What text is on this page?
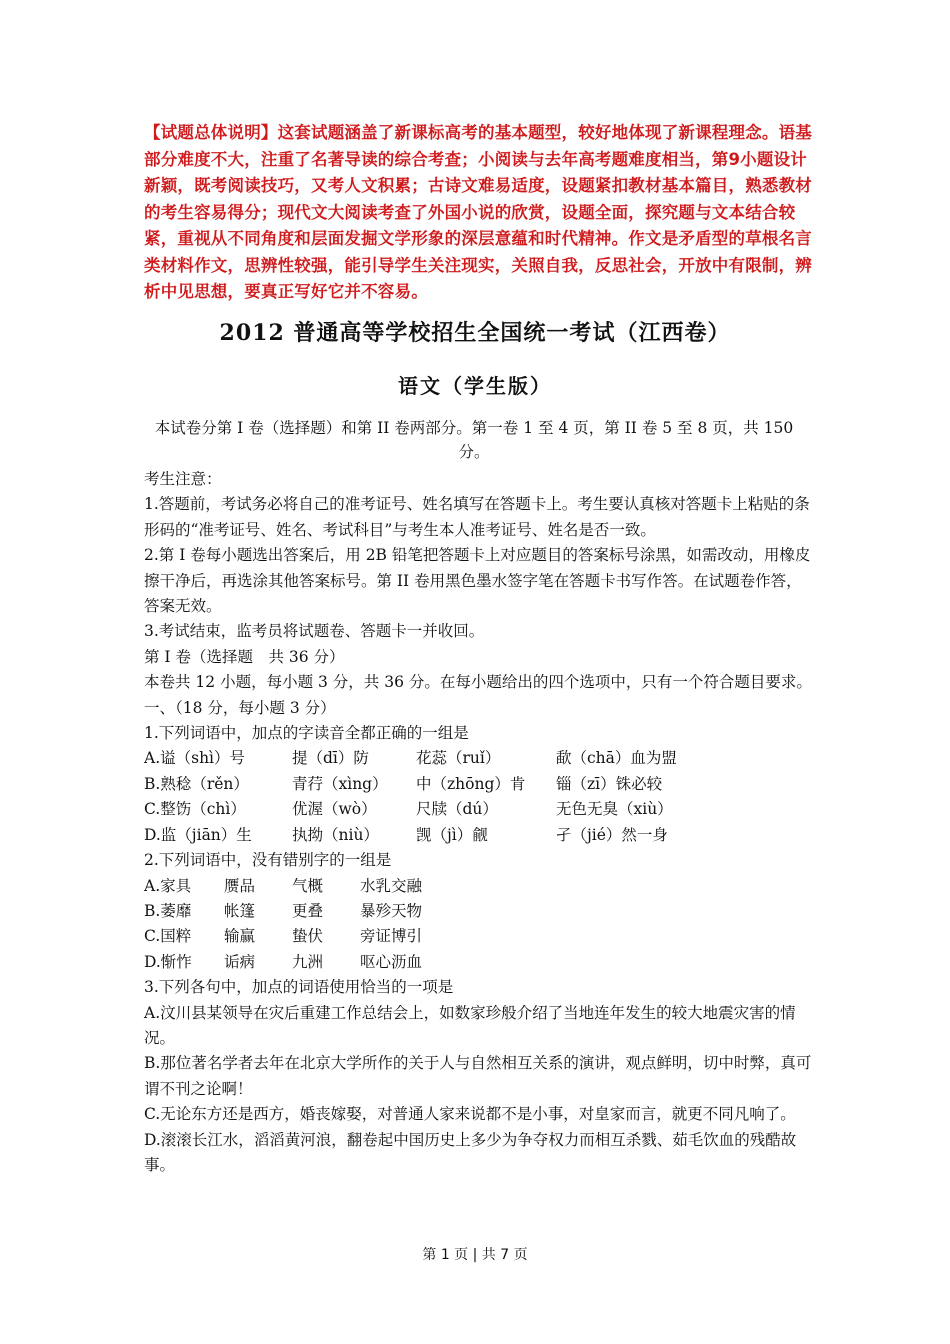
【试题总体说明】这套试题涵盖了新课标高考的基本题型，较好地体现了新课程理念。语基部分难度不大，注重了名著导读的综合考查；小阅读与去年高考题难度相当，第9小题设计新颖，既考阅读技巧，又考人文积累；古诗文难易适度，设题紧扣教材基本篇目，熟悉教材的考生容易得分；现代文大阅读考查了外国小说的欣赏，设题全面，探究题与文本结合较紧，重视从不同角度和层面发掘文学形象的深层意蕴和时代精神。作文是矛盾型的草根名言类材料作文，思辨性较强，能引导学生关注现实，关照自我，反思社会，开放中有限制，辨析中见思想，要真正写好它并不容易。
2012 普通高等学校招生全国统一考试（江西卷）
语文（学生版）
本试卷分第 I 卷（选择题）和第 II 卷两部分。第一卷 1 至 4 页，第 II 卷 5 至 8 页，共 150 分。

考生注意：

1.答题前，考试务必将自己的准考证号、姓名填写在答题卡上。考生要认真核对答题卡上粘贴的条形码的“准考证号、姓名、考试科目”与考生本人准考证号、姓名是否一致。

2.第 I 卷每小题选出答案后，用 2B 铅笔把答题卡上对应题目的答案标号涂黑，如需改动，用橡皮擦干净后，再选涂其他答案标号。第 II 卷用黑色墨水签字笔在答题卡书写作答。在试题卷作答，答案无效。

3.考试结束，监考员将试题卷、答题卡一并收回。

第 I 卷（选择题　共 36 分）

本卷共 12 小题，每小题 3 分，共 36 分。在每小题给出的四个选项中，只有一个符合题目要求。

一、（18 分，每小题 3 分）

1.下列词语中，加点的字读音全都正确的一组是

A.谥（shì）号	提（dī）防	花蕊（ruǐ）	歃（chā）血为盟
B.熟稔（rěn）	青荇（xìng）	中（zhōng）肯	锱（zī）铢必较
C.整饬（chì）	优渥（wò）	尺牍（dú）	无色无臭（xiù）
D.监（jiān）生	执拗（niù）	觊（jì）觎	孑（jié）然一身

2.下列词语中，没有错别字的一组是

A.家具	赝品	气概	水乳交融
B.萎靡	帐篷	更叠	暴殄天物
C.国粹	输赢	蛰伏	旁证博引
D.惭怍	诟病	九洲	呕心沥血

3.下列各句中，加点的词语使用恰当的一项是

A.汶川县某领导在灾后重建工作总结会上，如数家珍般介绍了当地连年发生的较大地震灾害的情况。

B.那位著名学者去年在北京大学所作的关于人与自然相互关系的演讲，观点鲜明，切中时弊，真可谓不刊之论啊！

C.无论东方还是西方，婚丧嫁娶，对普通人家来说都不是小事，对皇家而言，就更不同凡响了。

D.滚滚长江水，滔滔黄河浪，翻卷起中国历史上多少为争夺权力而相互杀戮、茹毛饮血的残酷故事。

第 1 页 | 共 7 页
